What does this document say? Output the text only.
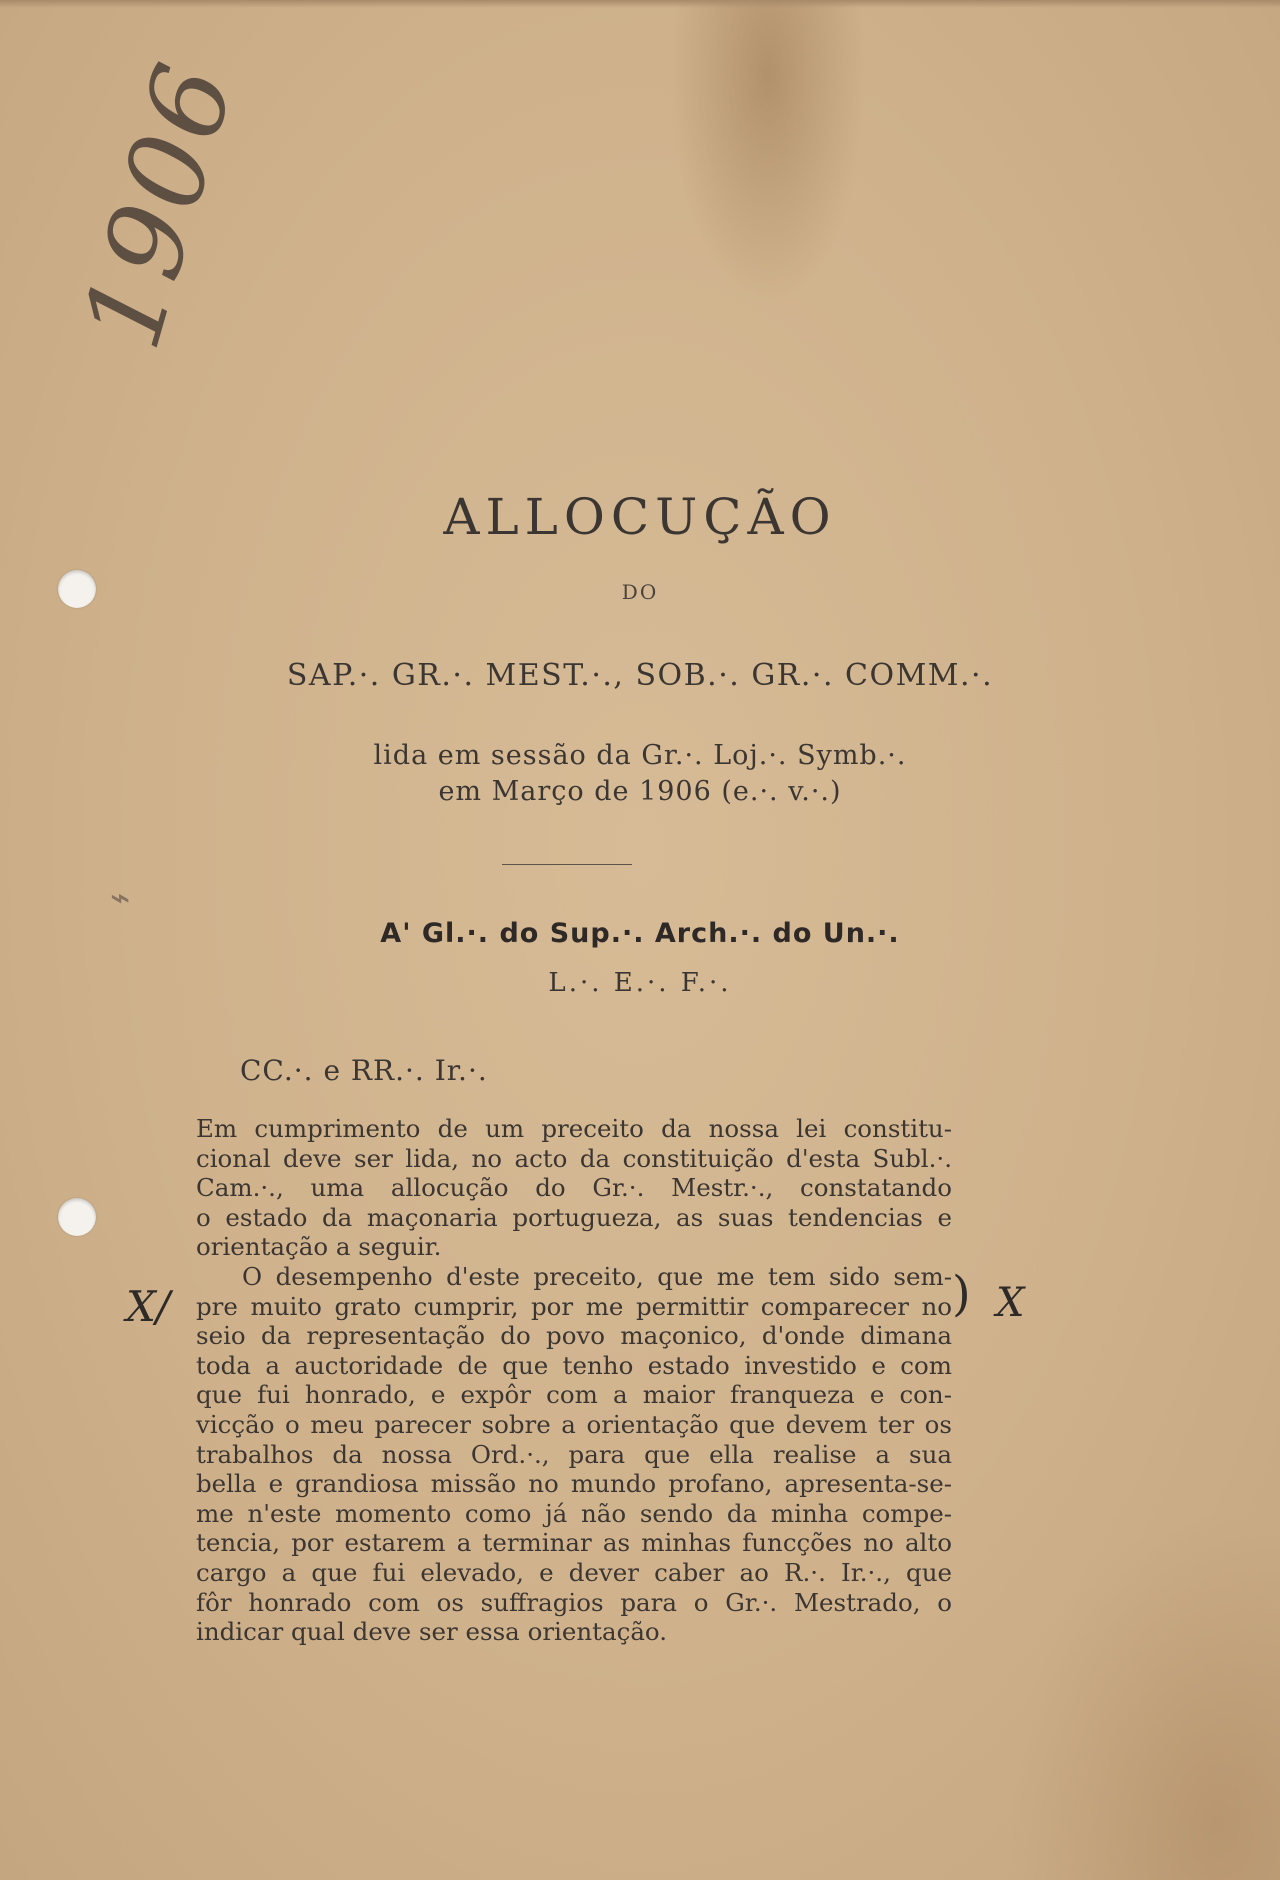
1906
⌁
ALLOCUÇÃO
DO
SAP.·. GR.·. MEST.·., SOB.·. GR.·. COMM.·.
lida em sessão da Gr.·. Loj.·. Symb.·.
em Março de 1906 (e.·. v.·.)
A' Gl.·. do Sup.·. Arch.·. do Un.·.
L.·. E.·. F.·.
CC.·. e RR.·. Ir.·.
Em cumprimento de um preceito da nossa lei constitu-
cional deve ser lida, no acto da constituição d'esta Subl.·.
Cam.·., uma allocução do Gr.·. Mestr.·., constatando
o estado da maçonaria portugueza, as suas tendencias e
orientação a seguir.
O desempenho d'este preceito, que me tem sido sem-
pre muito grato cumprir, por me permittir comparecer no
seio da representação do povo maçonico, d'onde dimana
toda a auctoridade de que tenho estado investido e com
que fui honrado, e expôr com a maior franqueza e con-
vicção o meu parecer sobre a orientação que devem ter os
trabalhos da nossa Ord.·., para que ella realise a sua
bella e grandiosa missão no mundo profano, apresenta-se-
me n'este momento como já não sendo da minha compe-
tencia, por estarem a terminar as minhas funcções no alto
cargo a que fui elevado, e dever caber ao R.·. Ir.·., que
fôr honrado com os suffragios para o Gr.·. Mestrado, o
indicar qual deve ser essa orientação.
X/	) X
